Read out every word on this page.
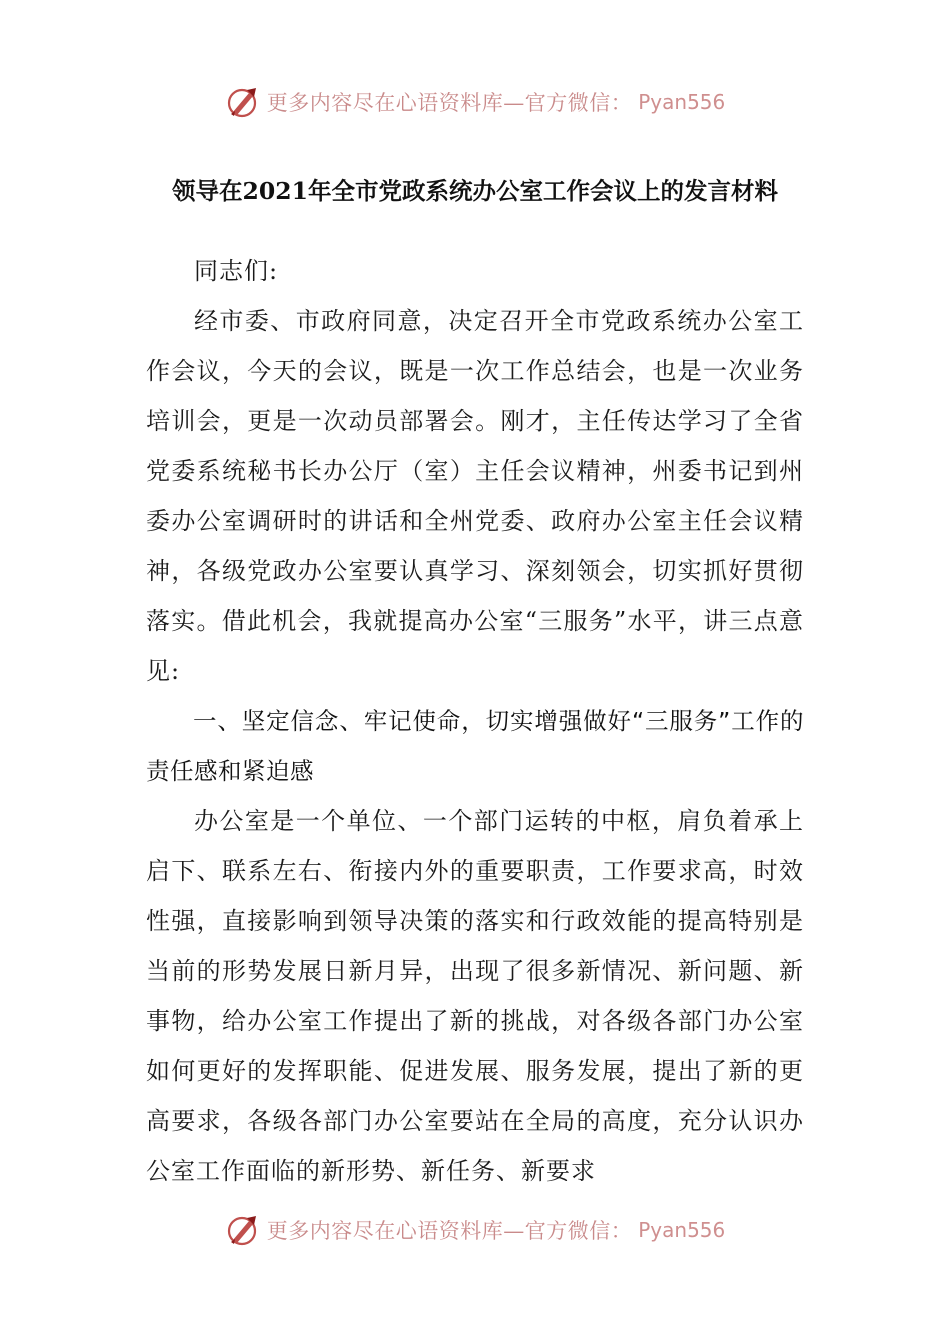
更多内容尽在心语资料库—官方微信： Pyan556
领导在2021年全市党政系统办公室工作会议上的发言材料

同志们:

经市委、市政府同意，决定召开全市党政系统办公室工作会议，今天的会议，既是一次工作总结会，也是一次业务培训会，更是一次动员部署会。刚才，主任传达学习了全省党委系统秘书长办公厅（室）主任会议精神，州委书记到州委办公室调研时的讲话和全州党委、政府办公室主任会议精神，各级党政办公室要认真学习、深刻领会，切实抓好贯彻落实。借此机会，我就提高办公室“三服务”水平，讲三点意见:

一、坚定信念、牢记使命，切实增强做好“三服务”工作的责任感和紧迫感

办公室是一个单位、一个部门运转的中枢，肩负着承上启下、联系左右、衔接内外的重要职责，工作要求高，时效性强，直接影响到领导决策的落实和行政效能的提高特别是当前的形势发展日新月异，出现了很多新情况、新问题、新事物，给办公室工作提出了新的挑战，对各级各部门办公室如何更好的发挥职能、促进发展、服务发展，提出了新的更高要求，各级各部门办公室要站在全局的高度，充分认识办公室工作面临的新形势、新任务、新要求

更多内容尽在心语资料库—官方微信： Pyan556
